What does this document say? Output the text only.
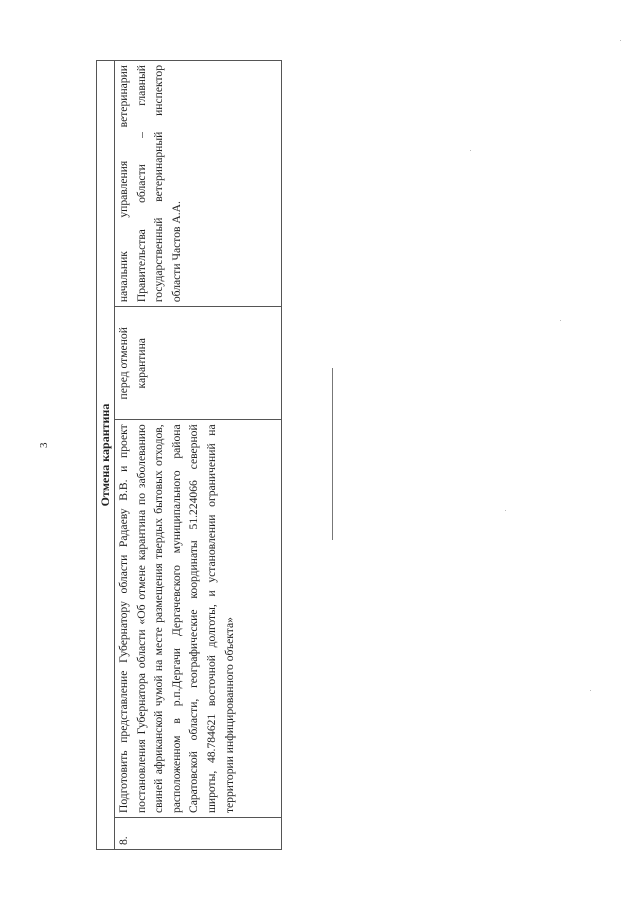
3	Отмена карантина
8.	Подготовить представление Губернатору области Радаеву В.В. и проект постановления Губернатора области «Об отмене карантина по заболеванию свиней африканской чумой на месте размещения твердых бытовых отходов, расположенном в р.п.Дергачи Дергачевского муниципального района Саратовской области, географические координаты 51.224066 северной широты, 48.784621 восточной долготы, и установлении ограничений на территории инфицированного объекта»	перед отменой карантина	начальник управления ветеринарии Правительства области – главный государственный ветеринарный инспектор области Частов А.А.
